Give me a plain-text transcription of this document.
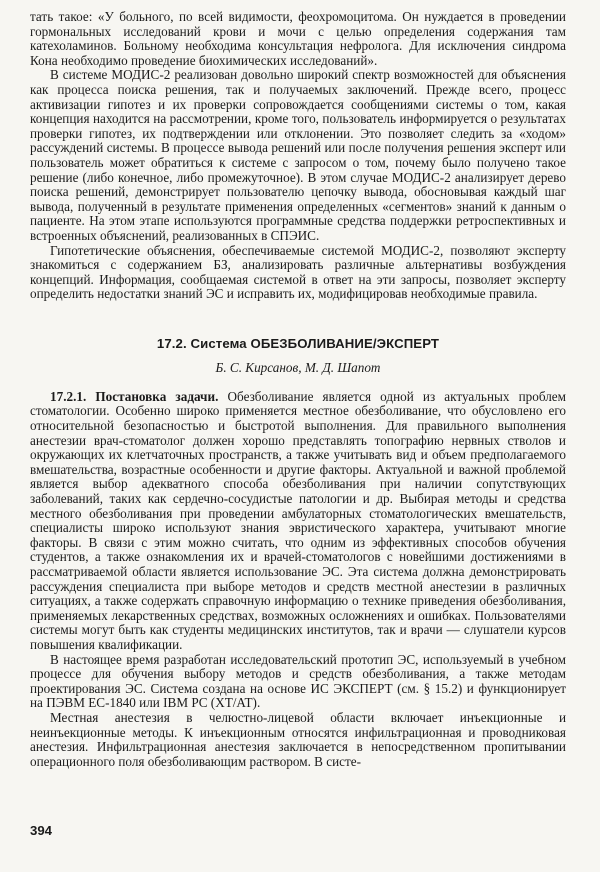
тать такое: «У больного, по всей видимости, феохромоцитома. Он нуждается в проведении гормональных исследований крови и мочи с целью определения содержания там катехоламинов. Больному необходима консультация нефролога. Для исключения синдрома Кона необходимо проведение биохимических исследований».

В системе МОДИС-2 реализован довольно широкий спектр возможностей для объяснения как процесса поиска решения, так и получаемых заключений. Прежде всего, процесс активизации гипотез и их проверки сопровождается сообщениями системы о том, какая концепция находится на рассмотрении, кроме того, пользователь информируется о результатах проверки гипотез, их подтверждении или отклонении. Это позволяет следить за «ходом» рассуждений системы. В процессе вывода решений или после получения решения эксперт или пользователь может обратиться к системе с запросом о том, почему было получено такое решение (либо конечное, либо промежуточное). В этом случае МОДИС-2 анализирует дерево поиска решений, демонстрирует пользователю цепочку вывода, обосновывая каждый шаг вывода, полученный в результате применения определенных «сегментов» знаний к данным о пациенте. На этом этапе используются программные средства поддержки ретроспективных и встроенных объяснений, реализованных в СПЭИС.

Гипотетические объяснения, обеспечиваемые системой МОДИС-2, позволяют эксперту знакомиться с содержанием БЗ, анализировать различные альтернативы возбуждения концепций. Информация, сообщаемая системой в ответ на эти запросы, позволяет эксперту определить недостатки знаний ЭС и исправить их, модифицировав необходимые правила.

17.2. Система ОБЕЗБОЛИВАНИЕ/ЭКСПЕРТ
Б. С. Кирсанов, М. Д. Шапот

17.2.1. Постановка задачи. Обезболивание является одной из актуальных проблем стоматологии. Особенно широко применяется местное обезболивание, что обусловлено его относительной безопасностью и быстротой выполнения. Для правильного выполнения анестезии врач-стоматолог должен хорошо представлять топографию нервных стволов и окружающих их клетчаточных пространств, а также учитывать вид и объем предполагаемого вмешательства, возрастные особенности и другие факторы. Актуальной и важной проблемой является выбор адекватного способа обезболивания при наличии сопутствующих заболеваний, таких как сердечно-сосудистые патологии и др. Выбирая методы и средства местного обезболивания при проведении амбулаторных стоматологических вмешательств, специалисты широко используют знания эвристического характера, учитывают многие факторы. В связи с этим можно считать, что одним из эффективных способов обучения студентов, а также ознакомления их и врачей-стоматологов с новейшими достижениями в рассматриваемой области является использование ЭС. Эта система должна демонстрировать рассуждения специалиста при выборе методов и средств местной анестезии в различных ситуациях, а также содержать справочную информацию о технике приведения обезболивания, применяемых лекарственных средствах, возможных осложнениях и ошибках. Пользователями системы могут быть как студенты медицинских институтов, так и врачи — слушатели курсов повышения квалификации.

В настоящее время разработан исследовательский прототип ЭС, используемый в учебном процессе для обучения выбору методов и средств обезболивания, а также методам проектирования ЭС. Система создана на основе ИС ЭКСПЕРТ (см. § 15.2) и функционирует на ПЭВМ ЕС-1840 или IBM PC (XT/AT).

Местная анестезия в челюстно-лицевой области включает инъекционные и неинъекционные методы. К инъекционным относятся инфильтрационная и проводниковая анестезия. Инфильтрационная анестезия заключается в непосредственном пропитывании операционного поля обезболивающим раствором. В систе-

394
